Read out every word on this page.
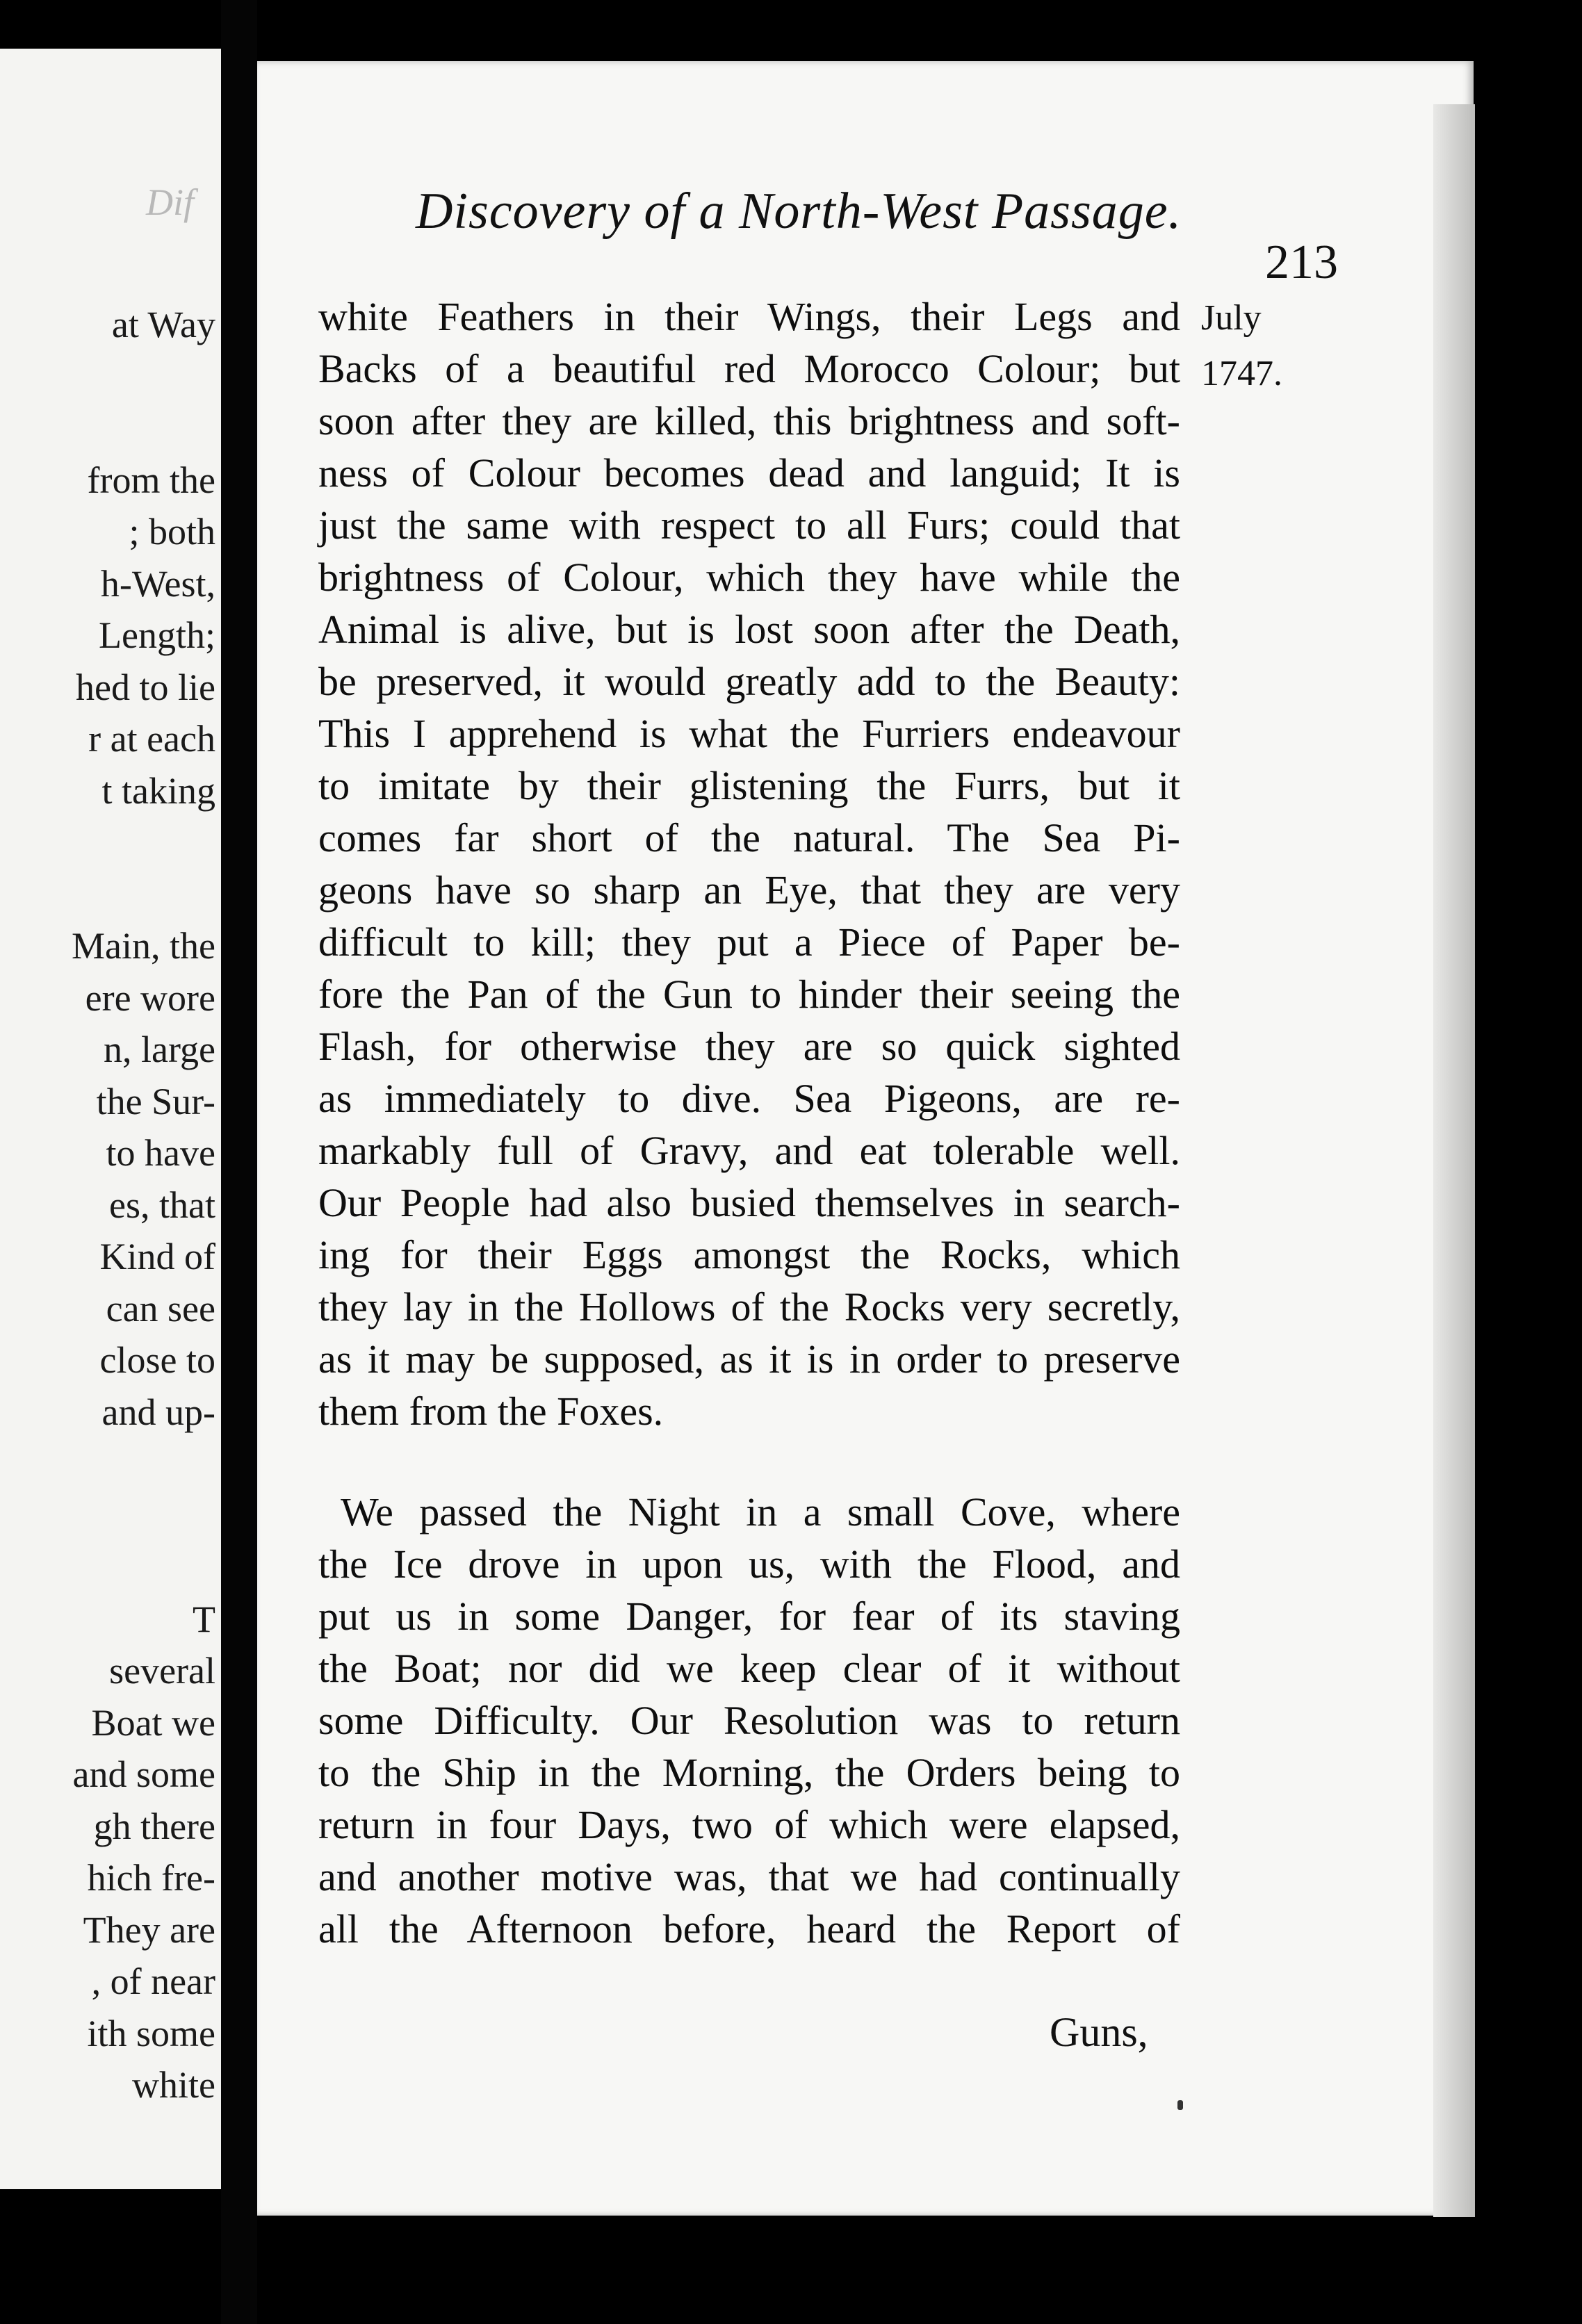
Dif
at Way
from the
; both
h-West,
Length;
hed to lie
r at each
t taking
Main, the
ere wore
n, large
the Sur-
to have
es, that
Kind of
can see
close to
and up-
T
several
Boat we
and some
gh there
hich fre-
They are
, of near
ith some
white
Discovery of a North-West Passage.
213
July
1747.
white Feathers in their Wings, their Legs and
Backs of a beautiful red Morocco Colour; but
soon after they are killed, this brightness and soft-
ness of Colour becomes dead and languid; It is
just the same with respect to all Furs; could that
brightness of Colour, which they have while the
Animal is alive, but is lost soon after the Death,
be preserved, it would greatly add to the Beauty:
This I apprehend is what the Furriers endeavour
to imitate by their glistening the Furrs, but it
comes far short of the natural. The Sea Pi-
geons have so sharp an Eye, that they are very
difficult to kill; they put a Piece of Paper be-
fore the Pan of the Gun to hinder their seeing the
Flash, for otherwise they are so quick sighted
as immediately to dive. Sea Pigeons, are re-
markably full of Gravy, and eat tolerable well.
Our People had also busied themselves in search-
ing for their Eggs amongst the Rocks, which
they lay in the Hollows of the Rocks very secretly,
as it may be supposed, as it is in order to preserve
them from the Foxes.
We passed the Night in a small Cove, where
the Ice drove in upon us, with the Flood, and
put us in some Danger, for fear of its staving
the Boat; nor did we keep clear of it without
some Difficulty. Our Resolution was to return
to the Ship in the Morning, the Orders being to
return in four Days, two of which were elapsed,
and another motive was, that we had continually
all the Afternoon before, heard the Report of
Guns,
